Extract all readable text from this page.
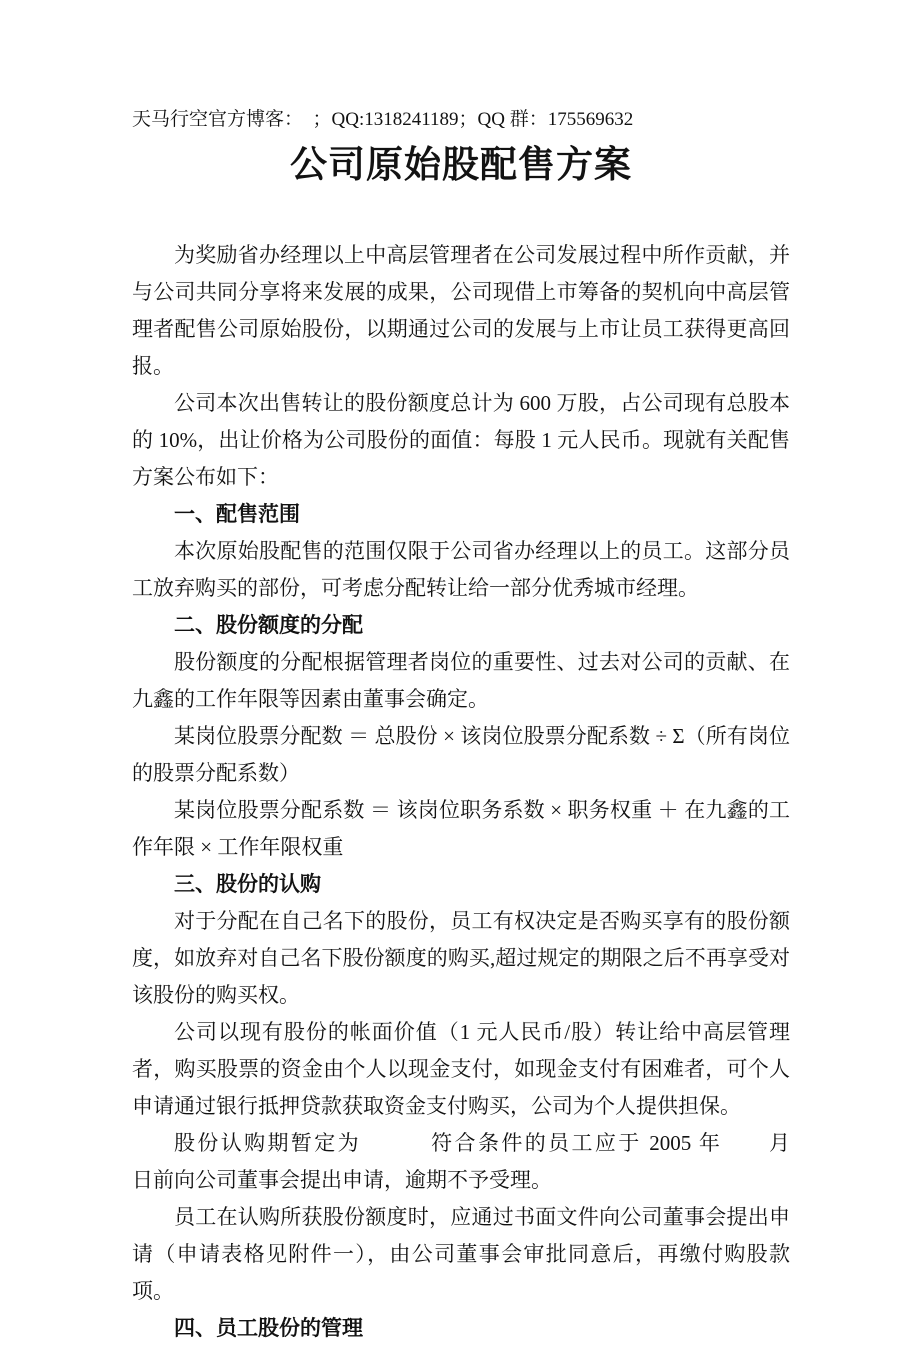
天马行空官方博客：　；QQ:1318241189；QQ 群：175569632
公司原始股配售方案

为奖励省办经理以上中高层管理者在公司发展过程中所作贡献，并与公司共同分享将来发展的成果，公司现借上市筹备的契机向中高层管理者配售公司原始股份，以期通过公司的发展与上市让员工获得更高回报。

公司本次出售转让的股份额度总计为 600 万股，占公司现有总股本的 10%，出让价格为公司股份的面值：每股 1 元人民币。现就有关配售方案公布如下：

一、配售范围

本次原始股配售的范围仅限于公司省办经理以上的员工。这部分员工放弃购买的部份，可考虑分配转让给一部分优秀城市经理。

二、股份额度的分配

股份额度的分配根据管理者岗位的重要性、过去对公司的贡献、在九鑫的工作年限等因素由董事会确定。

某岗位股票分配数 ＝ 总股份 × 该岗位股票分配系数 ÷ Σ（所有岗位的股票分配系数）

某岗位股票分配系数 ＝ 该岗位职务系数 × 职务权重 ＋ 在九鑫的工作年限 × 工作年限权重

三、股份的认购

对于分配在自己名下的股份，员工有权决定是否购买享有的股份额度，如放弃对自己名下股份额度的购买,超过规定的期限之后不再享受对该股份的购买权。

公司以现有股份的帐面价值（1 元人民币/股）转让给中高层管理者，购买股票的资金由个人以现金支付，如现金支付有困难者，可个人申请通过银行抵押贷款获取资金支付购买，公司为个人提供担保。

股份认购期暂定为　　　符合条件的员工应于 2005 年　　月　　日前向公司董事会提出申请，逾期不予受理。

员工在认购所获股份额度时，应通过书面文件向公司董事会提出申请（申请表格见附件一），由公司董事会审批同意后，再缴付购股款项。

四、员工股份的管理
